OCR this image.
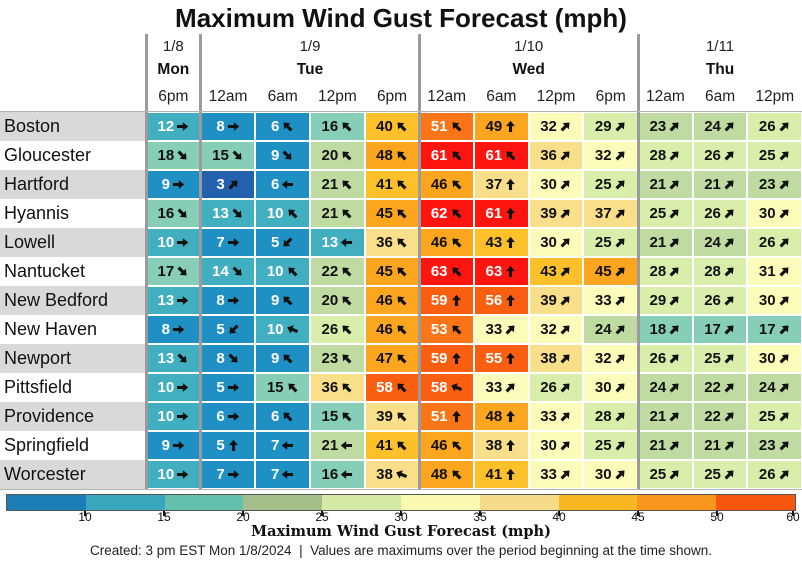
Maximum Wind Gust Forecast (mph)
1/8	1/9	1/10	1/11
Mon	Tue	Wed	Thu
6pm	12am	6am	12pm	6pm	12am	6am	12pm	6pm	12am	6am	12pm
Boston	12	8	6	16	40	51	49	32	29	23	24	26
Gloucester	18	15	9	20	48	61	61	36	32	28	26	25
Hartford	9	3	6	21	41	46	37	30	25	21	21	23
Hyannis	16	13	10	21	45	62	61	39	37	25	26	30
Lowell	10	7	5	13	36	46	43	30	25	21	24	26
Nantucket	17	14	10	22	45	63	63	43	45	28	28	31
New Bedford	13	8	9	20	46	59	56	39	33	29	26	30
New Haven	8	5	10	26	46	53	33	32	24	18	17	17
Newport	13	8	9	23	47	59	55	38	32	26	25	30
Pittsfield	10	5	15	36	58	58	33	26	30	24	22	24
Providence	10	6	6	15	39	51	48	33	28	21	22	25
Springfield	9	5	7	21	41	46	38	30	25	21	21	23
Worcester	10	7	7	16	38	48	41	33	30	25	25	26
10	15	20	25	30	35	40	45	50	60
Maximum Wind Gust Forecast (mph)
Created: 3 pm EST Mon 1/8/2024  |  Values are maximums over the period beginning at the time shown.
